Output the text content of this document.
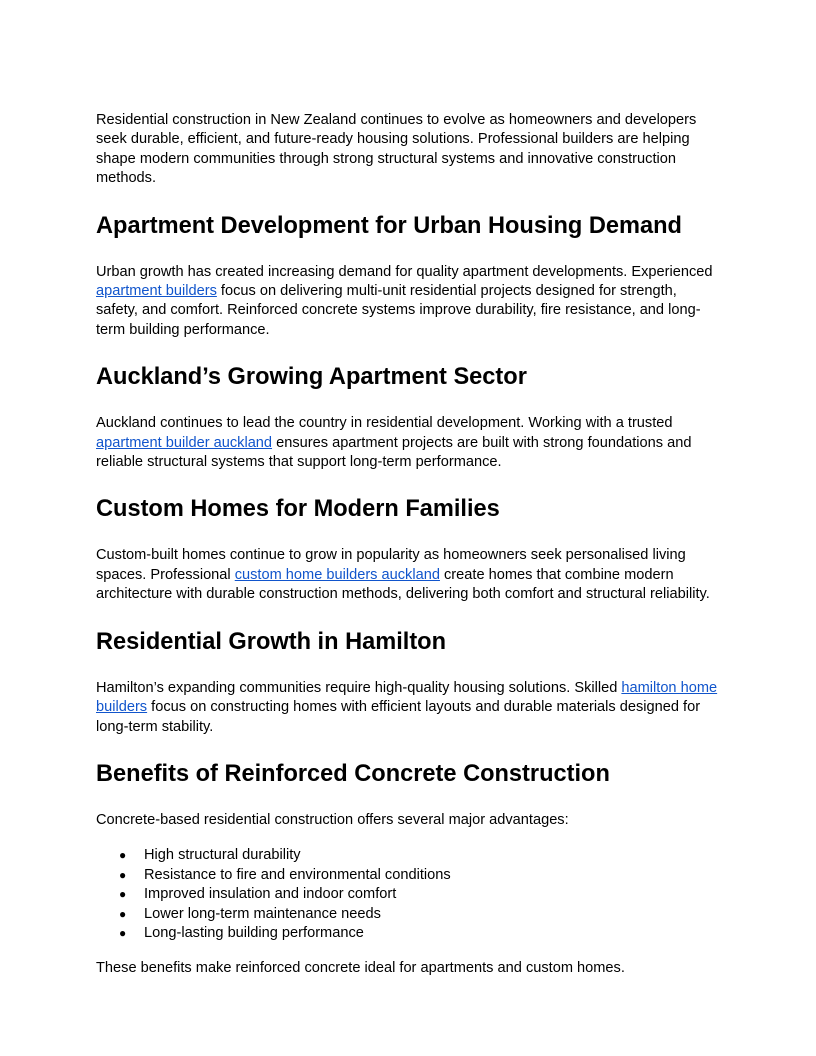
Residential construction in New Zealand continues to evolve as homeowners and developers seek durable, efficient, and future-ready housing solutions. Professional builders are helping shape modern communities through strong structural systems and innovative construction methods.

Apartment Development for Urban Housing Demand

Urban growth has created increasing demand for quality apartment developments. Experienced apartment builders focus on delivering multi-unit residential projects designed for strength, safety, and comfort. Reinforced concrete systems improve durability, fire resistance, and long-term building performance.

Auckland’s Growing Apartment Sector

Auckland continues to lead the country in residential development. Working with a trusted apartment builder auckland ensures apartment projects are built with strong foundations and reliable structural systems that support long-term performance.

Custom Homes for Modern Families

Custom-built homes continue to grow in popularity as homeowners seek personalised living spaces. Professional custom home builders auckland create homes that combine modern architecture with durable construction methods, delivering both comfort and structural reliability.

Residential Growth in Hamilton

Hamilton’s expanding communities require high-quality housing solutions. Skilled hamilton home builders focus on constructing homes with efficient layouts and durable materials designed for long-term stability.

Benefits of Reinforced Concrete Construction

Concrete-based residential construction offers several major advantages:

● High structural durability
● Resistance to fire and environmental conditions
● Improved insulation and indoor comfort
● Lower long-term maintenance needs
● Long-lasting building performance

These benefits make reinforced concrete ideal for apartments and custom homes.
